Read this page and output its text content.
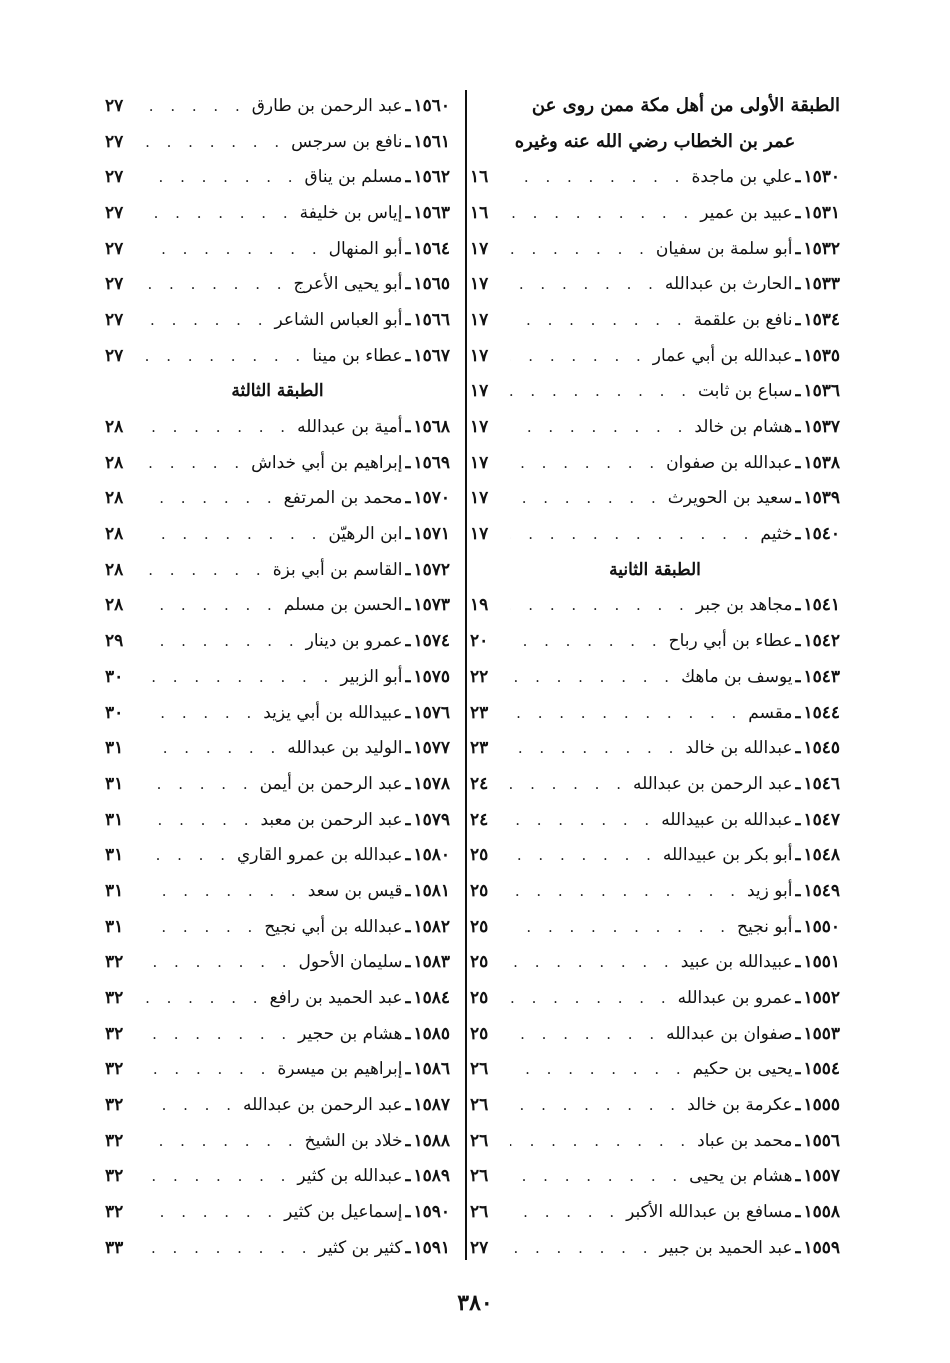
الطبقة الأولى من أهل مكة ممن روى عن
عمر بن الخطاب رضي الله عنه وغيره
١٥٣٠
ـ
علي بن ماجدة
. . .
١٦
١٥٣١
ـ
عبيد بن عمير
. . .
١٦
١٥٣٢
ـ
أبو سلمة بن سفيان
. . .
١٧
١٥٣٣
ـ
الحارث بن عبدالله
. . .
١٧
١٥٣٤
ـ
نافع بن علقمة
. . .
١٧
١٥٣٥
ـ
عبدالله بن أبي عمار
. . .
١٧
١٥٣٦
ـ
سباع بن ثابت
. . .
١٧
١٥٣٧
ـ
هشام بن خالد
. . .
١٧
١٥٣٨
ـ
عبدالله بن صفوان
. . .
١٧
١٥٣٩
ـ
سعيد بن الحويرث
. . .
١٧
١٥٤٠
ـ
خثيم
. . .
١٧
الطبقة الثانية
١٥٤١
ـ
مجاهد بن جبر
. . .
١٩
١٥٤٢
ـ
عطاء بن أبي رباح
. . .
٢٠
١٥٤٣
ـ
يوسف بن ماهك
. . .
٢٢
١٥٤٤
ـ
مقسم
. . .
٢٣
١٥٤٥
ـ
عبدالله بن خالد
. . .
٢٣
١٥٤٦
ـ
عبد الرحمن بن عبدالله
. . .
٢٤
١٥٤٧
ـ
عبدالله بن عبيدالله
. . .
٢٤
١٥٤٨
ـ
أبو بكر بن عبيدالله
. . .
٢٥
١٥٤٩
ـ
أبو زيد
. . .
٢٥
١٥٥٠
ـ
أبو نجيح
. . .
٢٥
١٥٥١
ـ
عبيدالله بن عبيد
. . .
٢٥
١٥٥٢
ـ
عمرو بن عبدالله
. . .
٢٥
١٥٥٣
ـ
صفوان بن عبدالله
. . .
٢٥
١٥٥٤
ـ
يحيى بن حكيم
. . .
٢٦
١٥٥٥
ـ
عكرمة بن خالد
. . .
٢٦
١٥٥٦
ـ
محمد بن عباد
. . .
٢٦
١٥٥٧
ـ
هشام بن يحيى
. . .
٢٦
١٥٥٨
ـ
مسافع بن عبدالله الأكبر
. . .
٢٦
١٥٥٩
ـ
عبد الحميد بن جبير
. . .
٢٧
١٥٦٠
ـ
عبد الرحمن بن طارق
. . .
٢٧
١٥٦١
ـ
نافع بن سرجس
. . .
٢٧
١٥٦٢
ـ
مسلم بن يناق
. . .
٢٧
١٥٦٣
ـ
إياس بن خليفة
. . .
٢٧
١٥٦٤
ـ
أبو المنهال
. . .
٢٧
١٥٦٥
ـ
أبو يحيى الأعرج
. . .
٢٧
١٥٦٦
ـ
أبو العباس الشاعر
. . .
٢٧
١٥٦٧
ـ
عطاء بن مينا
. . .
٢٧
الطبقة الثالثة
١٥٦٨
ـ
أمية بن عبدالله
. . .
٢٨
١٥٦٩
ـ
إبراهيم بن أبي خداش
. . .
٢٨
١٥٧٠
ـ
محمد بن المرتفع
. . .
٢٨
١٥٧١
ـ
ابن الرهيّن
. . .
٢٨
١٥٧٢
ـ
القاسم بن أبي بزة
. . .
٢٨
١٥٧٣
ـ
الحسن بن مسلم
. . .
٢٨
١٥٧٤
ـ
عمرو بن دينار
. . .
٢٩
١٥٧٥
ـ
أبو الزبير
. . .
٣٠
١٥٧٦
ـ
عبيدالله بن أبي يزيد
. . .
٣٠
١٥٧٧
ـ
الوليد بن عبدالله
. . .
٣١
١٥٧٨
ـ
عبد الرحمن بن أيمن
. . .
٣١
١٥٧٩
ـ
عبد الرحمن بن معبد
. . .
٣١
١٥٨٠
ـ
عبدالله بن عمرو القاري
. . .
٣١
١٥٨١
ـ
قيس بن سعد
. . .
٣١
١٥٨٢
ـ
عبدالله بن أبي نجيح
. . .
٣١
١٥٨٣
ـ
سليمان الأحول
. . .
٣٢
١٥٨٤
ـ
عبد الحميد بن رافع
. . .
٣٢
١٥٨٥
ـ
هشام بن حجير
. . .
٣٢
١٥٨٦
ـ
إبراهيم بن ميسرة
. . .
٣٢
١٥٨٧
ـ
عبد الرحمن بن عبدالله
. . .
٣٢
١٥٨٨
ـ
خلاد بن الشيخ
. . .
٣٢
١٥٨٩
ـ
عبدالله بن كثير
. . .
٣٢
١٥٩٠
ـ
إسماعيل بن كثير
. . .
٣٢
١٥٩١
ـ
كثير بن كثير
. . .
٣٣
٣٨٠
